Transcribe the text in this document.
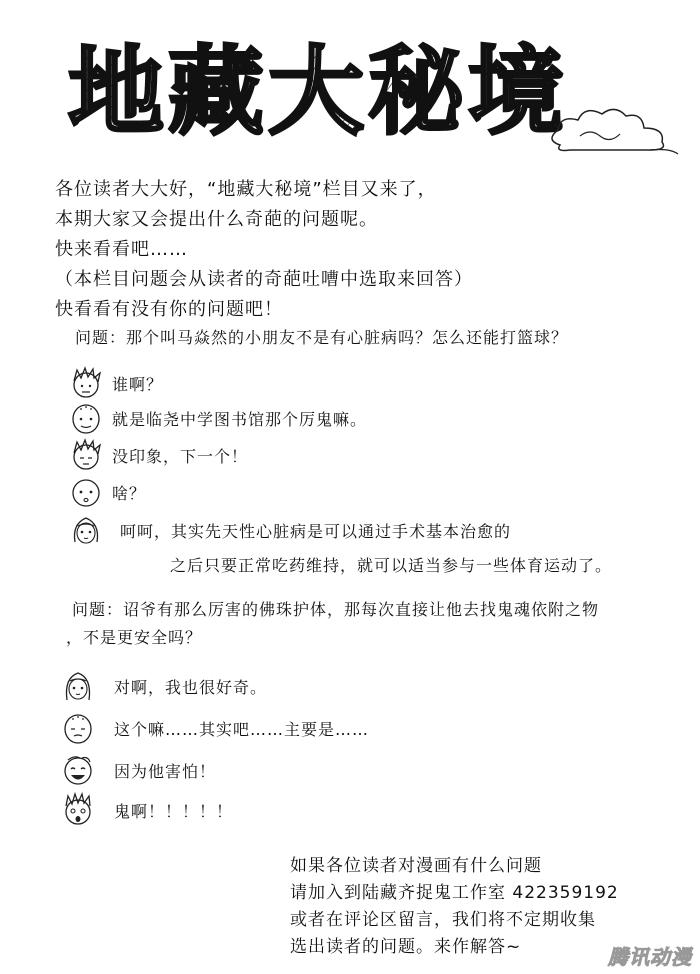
地藏大秘境
各位读者大大好，“地藏大秘境”栏目又来了，
本期大家又会提出什么奇葩的问题呢。
快来看看吧……
（本栏目问题会从读者的奇葩吐嘈中选取来回答）
快看看有没有你的问题吧！
问题：那个叫马焱然的小朋友不是有心脏病吗？怎么还能打篮球？
谁啊？
就是临尧中学图书馆那个厉鬼嘛。
没印象，下一个！
啥？
呵呵，其实先天性心脏病是可以通过手术基本治愈的
之后只要正常吃药维持，就可以适当参与一些体育运动了。
问题：诏爷有那么厉害的佛珠护体，那每次直接让他去找鬼魂依附之物
，不是更安全吗？
对啊，我也很好奇。
这个嘛……其实吧……主要是……
因为他害怕！
鬼啊！！！！！
如果各位读者对漫画有什么问题
请加入到陆藏齐捉鬼工作室 422359192
或者在评论区留言，我们将不定期收集
选出读者的问题。来作解答~	腾讯动漫
